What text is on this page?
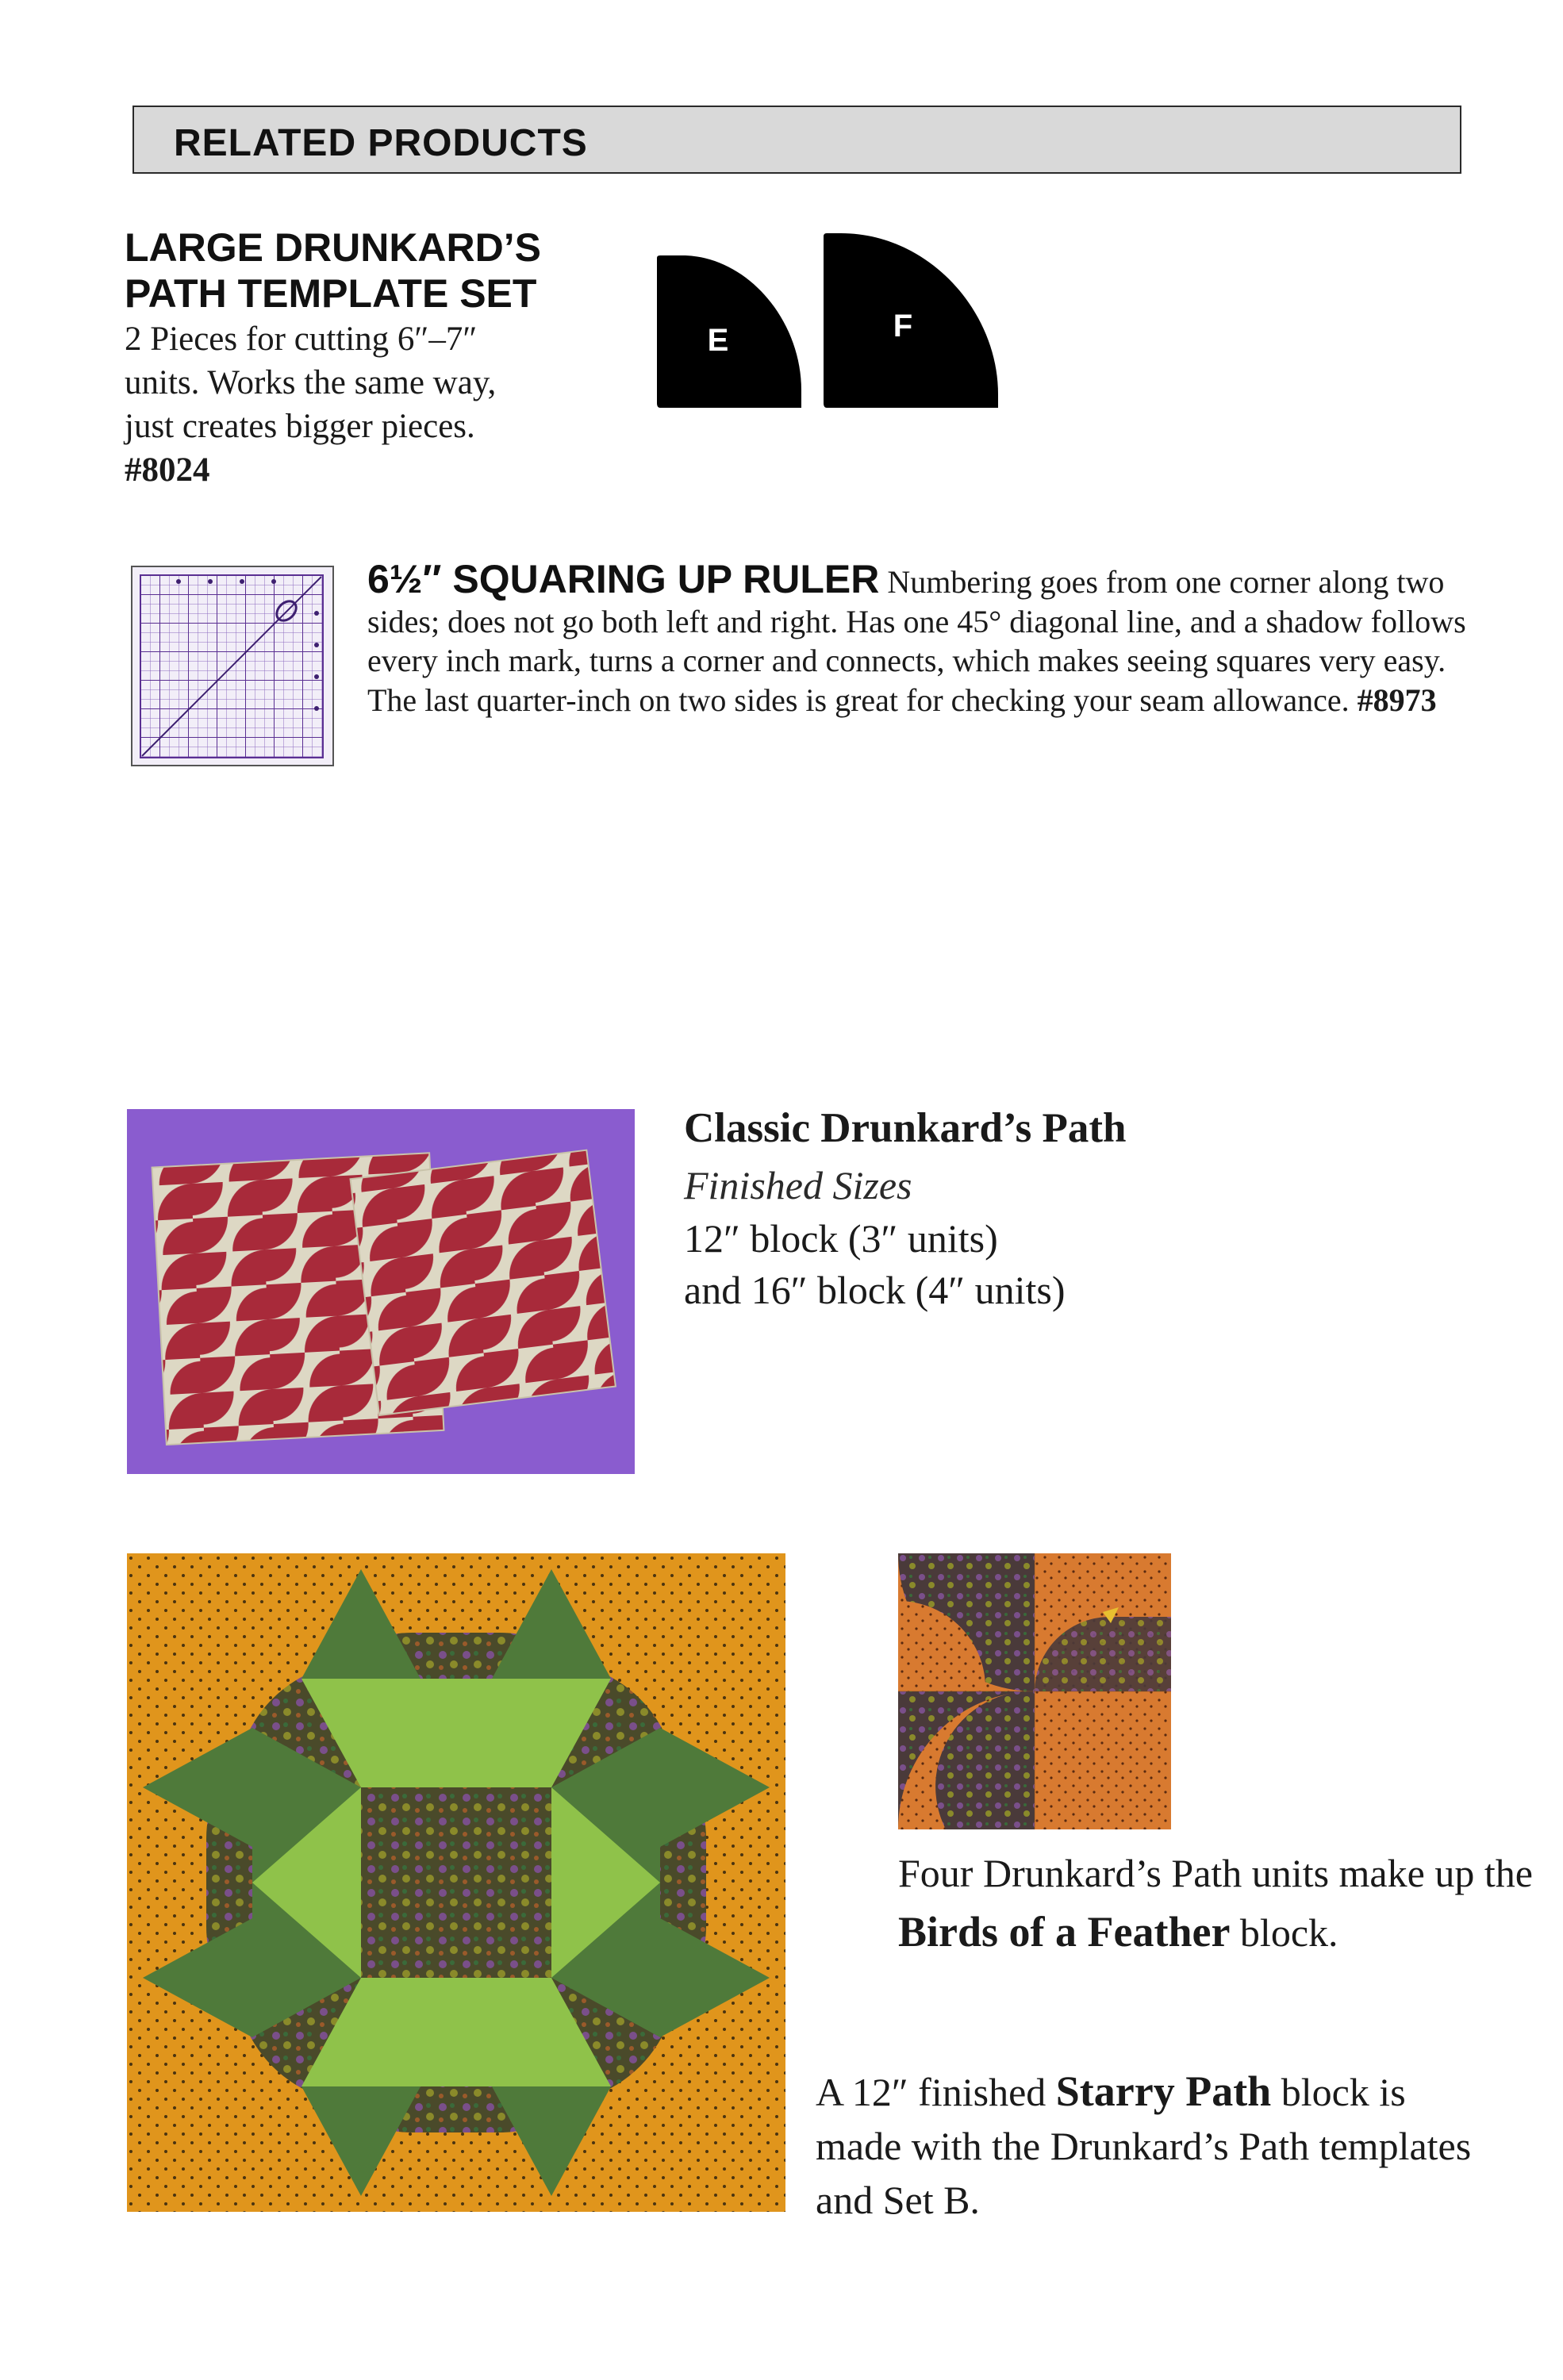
RELATED PRODUCTS
LARGE DRUNKARD’S
PATH TEMPLATE SET
2 Pieces for cutting 6″–7″
units. Works the same way,
just creates bigger pieces.
#8024
E	F
6½″ SQUARING UP RULER Numbering goes from one corner along two sides; does not go both left and right. Has one 45° diagonal line, and a shadow follows every inch mark, turns a corner and connects, which makes seeing squares very easy. The last quarter-inch on two sides is great for checking your seam allowance. #8973
Classic Drunkard’s Path
Finished Sizes
12″ block (3″ units)
and 16″ block (4″ units)
Four Drunkard’s Path units make up the Birds of a Feather block.
A 12″ finished Starry Path block is made with the Drunkard’s Path templates and Set B.
